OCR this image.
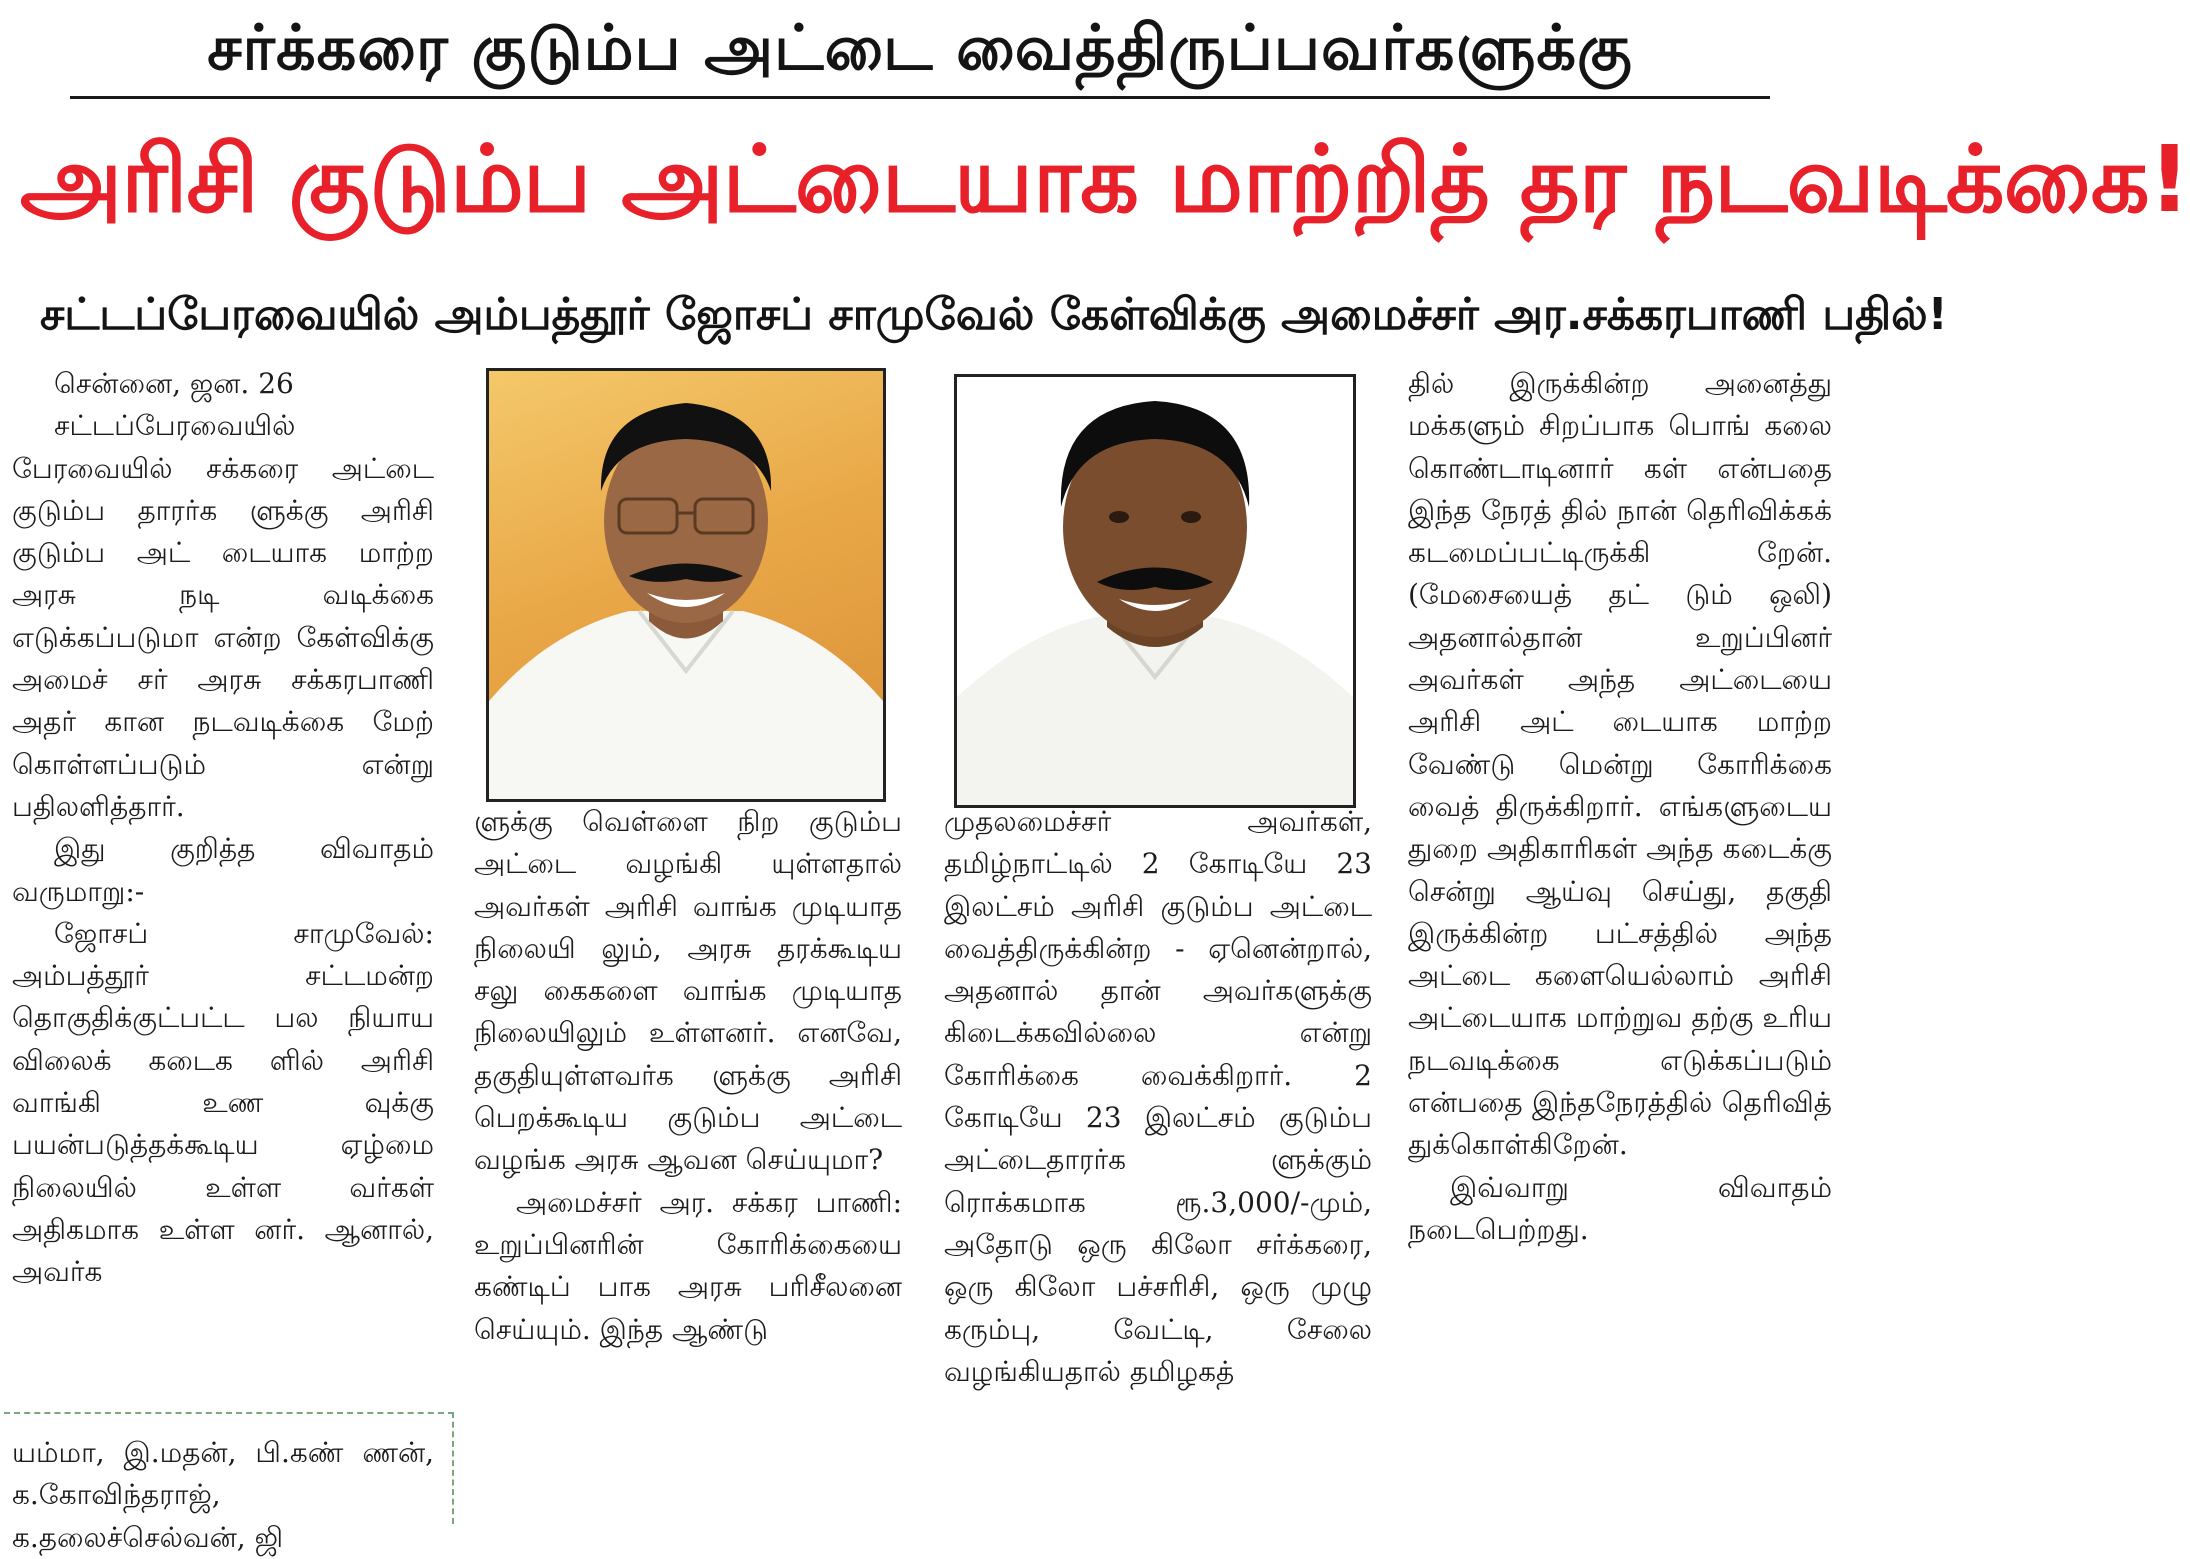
சர்க்கரை குடும்ப அட்டை வைத்திருப்பவர்களுக்கு
அரிசி குடும்ப அட்டையாக மாற்றித் தர நடவடிக்கை!
சட்டப்பேரவையில் அம்பத்தூர் ஜோசப் சாமுவேல் கேள்விக்கு அமைச்சர் அர.சக்கரபாணி பதில்!

சென்னை, ஜன. 26

சட்டப்பேரவையில் பேரவையில் சக்கரை அட்டை குடும்ப தாரர்க ளுக்கு அரிசி குடும்ப அட் டையாக மாற்ற அரசு நடி வடிக்கை எடுக்கப்படுமா என்ற கேள்விக்கு அமைச் சர் அரசு சக்கரபாணி அதர் கான நடவடிக்கை மேற் கொள்ளப்படும் என்று பதிலளித்தார்.

இது குறித்த விவாதம் வருமாறு:-

ஜோசப் சாமுவேல்: அம்பத்தூர் சட்டமன்ற தொகுதிக்குட்பட்ட பல நியாய விலைக் கடைக ளில் அரிசி வாங்கி உண வுக்கு பயன்படுத்தக்கூடிய ஏழ்மை நிலையில் உள்ள வர்கள் அதிகமாக உள்ள னர். ஆனால், அவர்க

யம்மா, இ.மதன், பி.கண் ணன், க.கோவிந்தராஜ், க.தலைச்செல்வன், ஜி

ளுக்கு வெள்ளை நிற குடும்ப அட்டை வழங்கி யுள்ளதால் அவர்கள் அரிசி வாங்க முடியாத நிலையி லும், அரசு தரக்கூடிய சலு கைகளை வாங்க முடியாத நிலையிலும் உள்ளனர். எனவே, தகுதியுள்ளவர்க ளுக்கு அரிசி பெறக்கூடிய குடும்ப அட்டை வழங்க அரசு ஆவன செய்யுமா?

அமைச்சர் அர. சக்கர பாணி: உறுப்பினரின் கோரிக்கையை கண்டிப் பாக அரசு பரிசீலனை செய்யும். இந்த ஆண்டு

முதலமைச்சர் அவர்கள், தமிழ்நாட்டில் 2 கோடியே 23 இலட்சம் அரிசி குடும்ப அட்டை வைத்திருக்கின்ற - ஏனென்றால், அதனால் தான் அவர்களுக்கு கிடைக்கவில்லை என்று கோரிக்கை வைக்கிறார். 2 கோடியே 23 இலட்சம் குடும்ப அட்டைதாரர்க ளுக்கும் ரொக்கமாக ரூ.3,000/-மும், அதோடு ஒரு கிலோ சர்க்கரை, ஒரு கிலோ பச்சரிசி, ஒரு முழு கரும்பு, வேட்டி, சேலை வழங்கியதால் தமிழகத்

தில் இருக்கின்ற அனைத்து மக்களும் சிறப்பாக பொங் கலை கொண்டாடினார் கள் என்பதை இந்த நேரத் தில் நான் தெரிவிக்கக் கடமைப்பட்டிருக்கி றேன். (மேசையைத் தட் டும் ஒலி) அதனால்தான் உறுப்பினர் அவர்கள் அந்த அட்டையை அரிசி அட் டையாக மாற்ற வேண்டு மென்று கோரிக்கை வைத் திருக்கிறார். எங்களுடைய துறை அதிகாரிகள் அந்த கடைக்கு சென்று ஆய்வு செய்து, தகுதி இருக்கின்ற பட்சத்தில் அந்த அட்டை களையெல்லாம் அரிசி அட்டையாக மாற்றுவ தற்கு உரிய நடவடிக்கை எடுக்கப்படும் என்பதை இந்தநேரத்தில் தெரிவித் துக்கொள்கிறேன்.

இவ்வாறு விவாதம் நடைபெற்றது.
